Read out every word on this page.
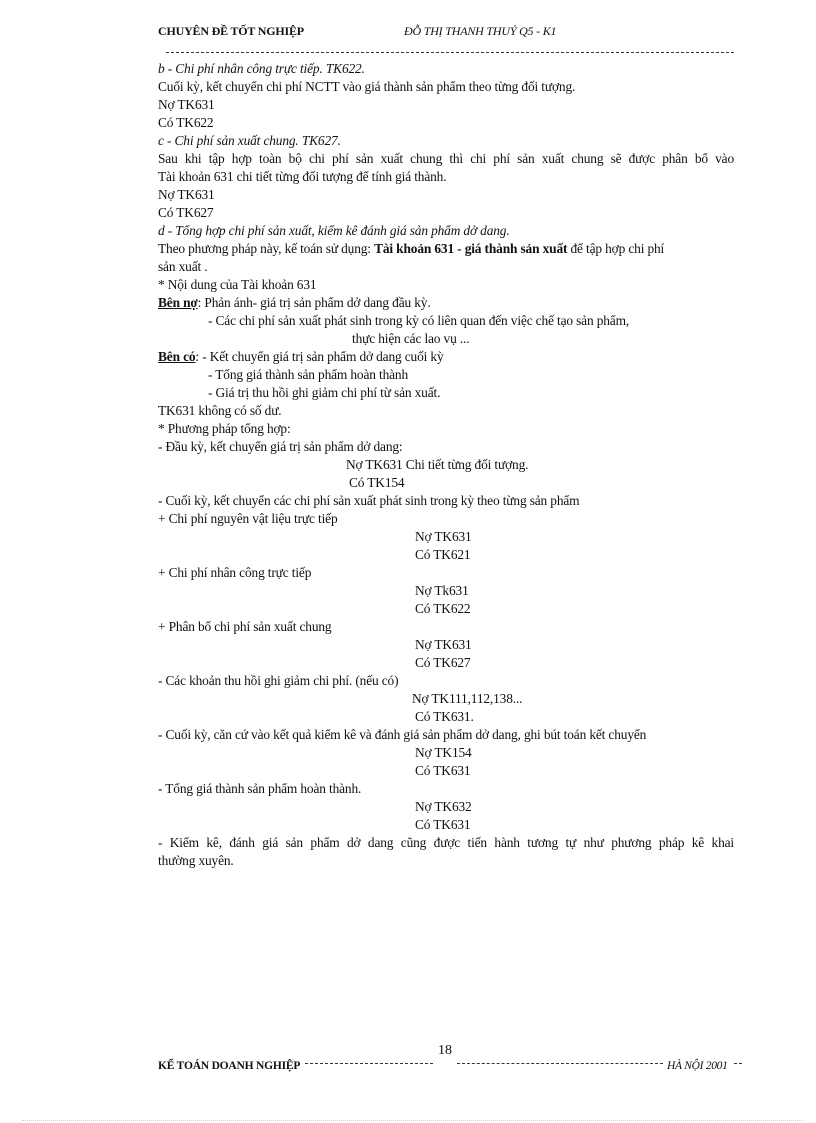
CHUYÊN ĐỀ TỐT NGHIỆP	ĐỖ THỊ THANH THUỶ Q5 - K1
b - Chi phí nhân công trực tiếp. TK622.
Cuối kỳ, kết chuyển chi phí NCTT vào giá thành sản phẩm theo từng đối tượng.
Nợ TK631
Có TK622
c - Chi phí sản xuất chung. TK627.
Sau khi tập hợp toàn bộ chi phí sản xuất chung thì chi phí sản xuất chung sẽ được phân bổ vào
Tài khoản 631 chi tiết từng đối tượng để tính giá thành.
Nợ TK631
Có TK627
d - Tổng hợp chi phí sản xuất, kiểm kê đánh giá sản phẩm dở dang.
Theo phương pháp này, kế toán sử dụng: Tài khoản 631 - giá thành sản xuất để tập hợp chi phí
sản xuất .
* Nội dung của Tài khoản 631
Bên nợ: Phản ánh- giá trị sản phẩm dở dang đầu kỳ.
- Các chi phí sản xuất phát sinh trong kỳ có liên quan đến việc chế tạo sản phẩm,
thực hiện các lao vụ ...
Bên có: - Kết chuyển giá trị sản phẩm dở dang cuối kỳ
- Tổng giá thành sản phẩm hoàn thành
- Giá trị thu hồi ghi giảm chi phí từ sản xuất.
TK631 không có số dư.
* Phương pháp tổng hợp:
- Đầu kỳ, kết chuyển giá trị sản phẩm dở dang:
Nợ TK631 Chi tiết từng đối tượng.
Có TK154
- Cuối kỳ, kết chuyển các chi phí sản xuất phát sinh trong kỳ theo từng sản phẩm
+ Chi phí nguyên vật liệu trực tiếp
Nợ TK631
Có TK621
+ Chi phí nhân công trực tiếp
Nợ Tk631
Có TK622
+ Phân bổ chi phí sản xuất chung
Nợ TK631
Có TK627
- Các khoản thu hồi ghi giảm chi phí. (nếu có)
Nợ TK111,112,138...
Có TK631.
- Cuối kỳ, căn cứ vào kết quả kiểm kê và đánh giá sản phẩm dở dang, ghi bút toán kết chuyển
Nợ TK154
Có TK631
- Tổng giá thành sản phẩm hoàn thành.
Nợ TK632
Có TK631
- Kiểm kê, đánh giá sản phẩm dở dang cũng được tiến hành tương tự như phương pháp kê khai
thường xuyên.
18
KẾ TOÁN DOANH NGHIỆP	HÀ NỘI 2001
